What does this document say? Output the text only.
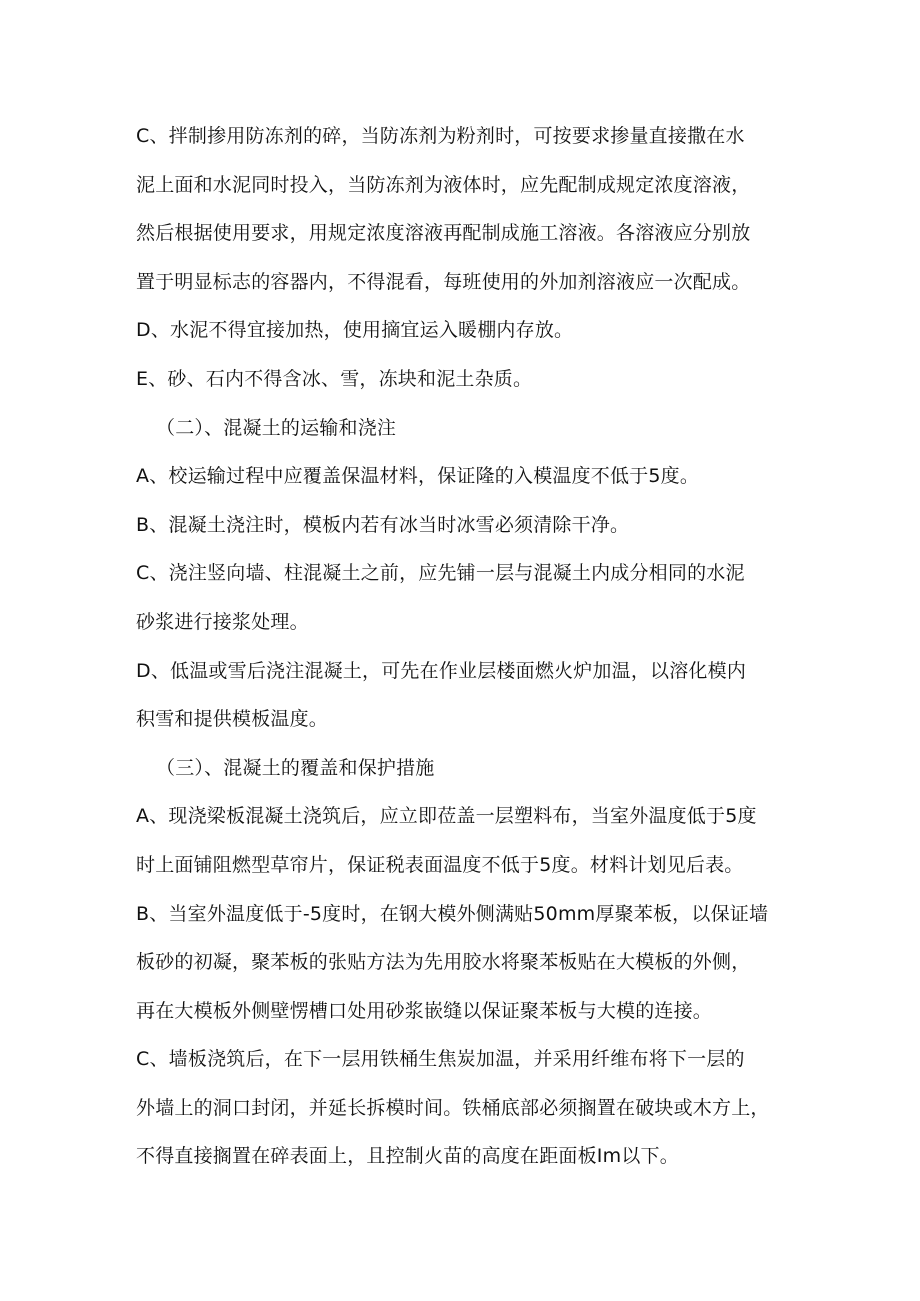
C、拌制掺用防冻剂的碎，当防冻剂为粉剂时，可按要求掺量直接撒在水
泥上面和水泥同时投入，当防冻剂为液体时，应先配制成规定浓度溶液，
然后根据使用要求，用规定浓度溶液再配制成施工溶液。各溶液应分别放
置于明显标志的容器内，不得混看，每班使用的外加剂溶液应一次配成。
D、水泥不得宜接加热，使用摘宜运入暖棚内存放。
E、砂、石内不得含冰、雪，冻块和泥土杂质。
（二）、混凝土的运输和浇注
A、校运输过程中应覆盖保温材料，保证隆的入模温度不低于5度。
B、混凝土浇注时，模板内若有冰当时冰雪必须清除干净。
C、浇注竖向墙、柱混凝土之前，应先铺一层与混凝土内成分相同的水泥
砂浆进行接浆处理。
D、低温或雪后浇注混凝土，可先在作业层楼面燃火炉加温，以溶化模内
积雪和提供模板温度。
（三）、混凝土的覆盖和保护措施
A、现浇梁板混凝土浇筑后，应立即莅盖一层塑料布，当室外温度低于5度
时上面铺阻燃型草帘片，保证税表面温度不低于5度。材料计划见后表。
B、当室外温度低于-5度时，在钢大模外侧满贴50mm厚聚苯板，以保证墙
板砂的初凝，聚苯板的张贴方法为先用胶水将聚苯板贴在大模板的外侧，
再在大模板外侧壁愣槽口处用砂浆嵌缝以保证聚苯板与大模的连接。
C、墙板浇筑后，在下一层用铁桶生焦炭加温，并采用纤维布将下一层的
外墙上的洞口封闭，并延长拆模时间。铁桶底部必须搁置在破块或木方上，
不得直接搁置在碎表面上，且控制火苗的高度在距面板Im以下。
